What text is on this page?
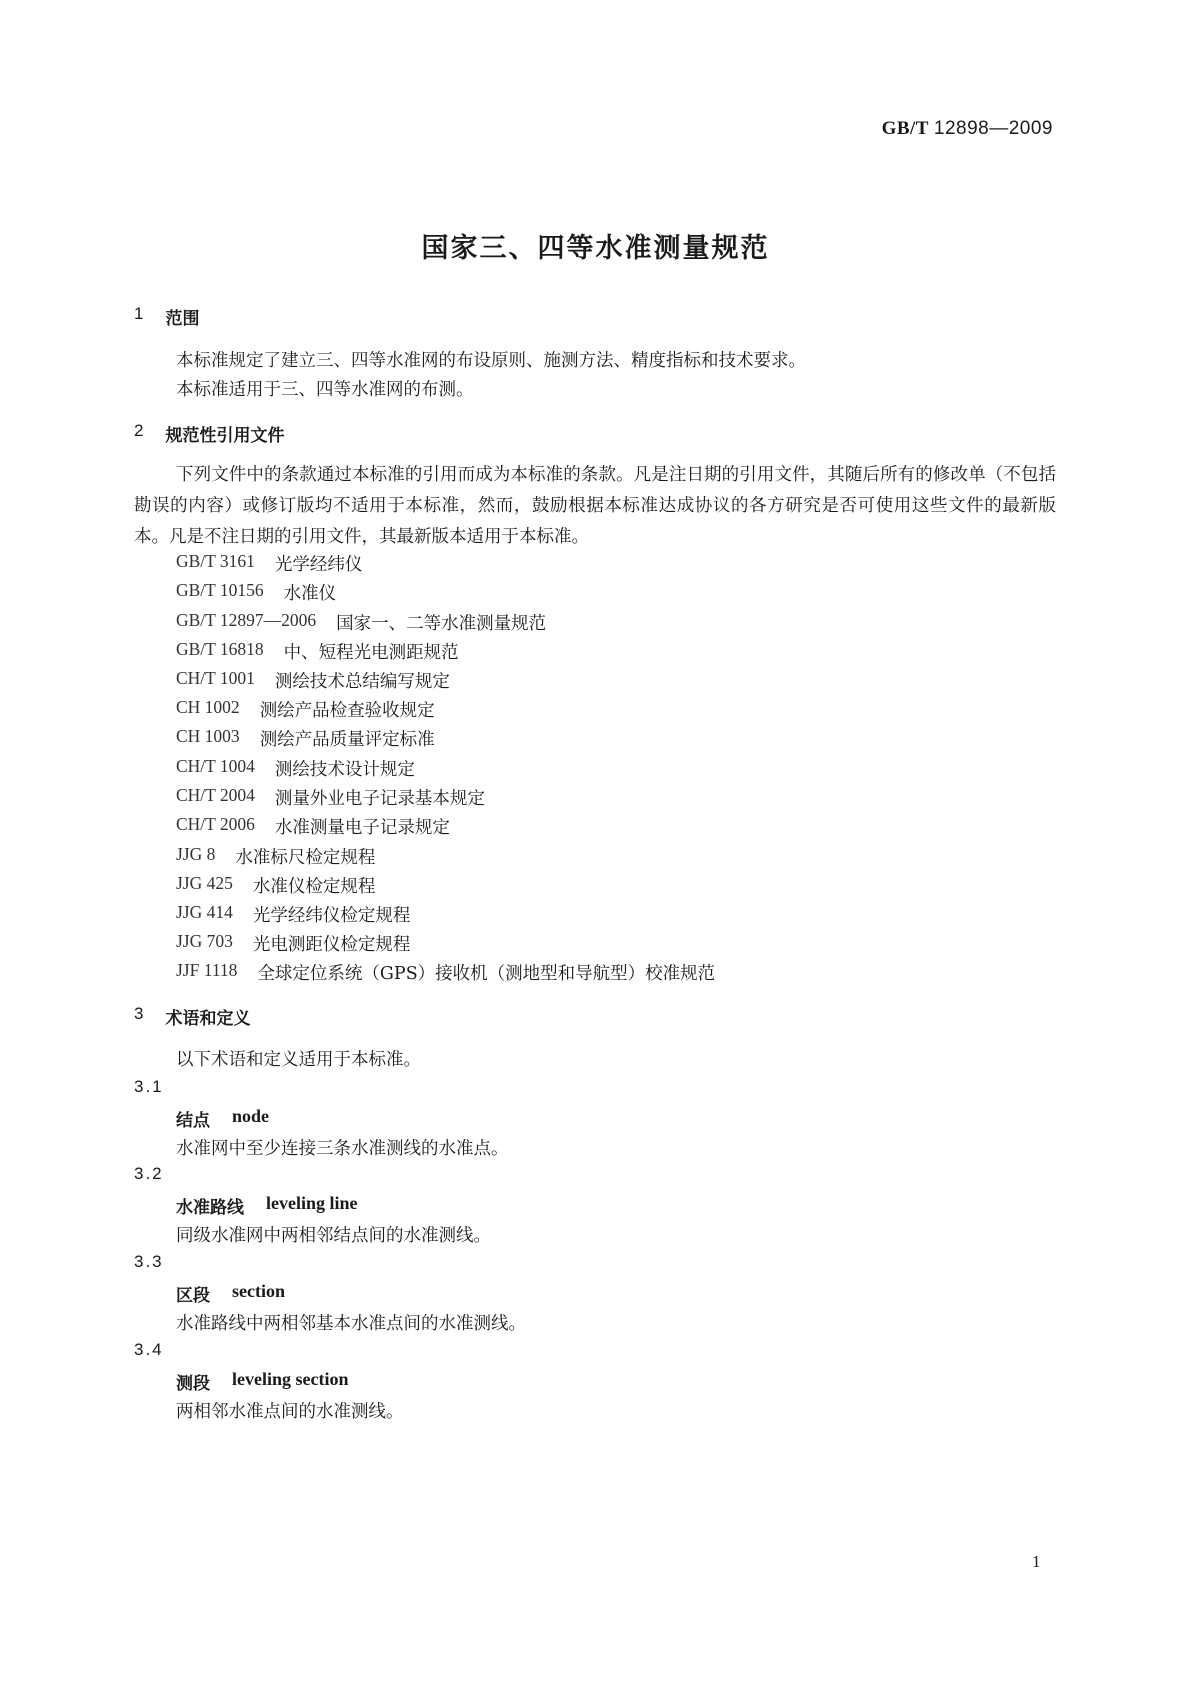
GB/T 12898—2009
国家三、四等水准测量规范
1 范围
本标准规定了建立三、四等水准网的布设原则、施测方法、精度指标和技术要求。
本标准适用于三、四等水准网的布测。
2 规范性引用文件
下列文件中的条款通过本标准的引用而成为本标准的条款。凡是注日期的引用文件，其随后所有的修改单（不包括勘误的内容）或修订版均不适用于本标准，然而，鼓励根据本标准达成协议的各方研究是否可使用这些文件的最新版本。凡是不注日期的引用文件，其最新版本适用于本标准。
GB/T 3161 光学经纬仪
GB/T 10156 水准仪
GB/T 12897—2006 国家一、二等水准测量规范
GB/T 16818 中、短程光电测距规范
CH/T 1001 测绘技术总结编写规定
CH 1002 测绘产品检查验收规定
CH 1003 测绘产品质量评定标准
CH/T 1004 测绘技术设计规定
CH/T 2004 测量外业电子记录基本规定
CH/T 2006 水准测量电子记录规定
JJG 8 水准标尺检定规程
JJG 425 水准仪检定规程
JJG 414 光学经纬仪检定规程
JJG 703 光电测距仪检定规程
JJF 1118 全球定位系统（GPS）接收机（测地型和导航型）校准规范
3 术语和定义
以下术语和定义适用于本标准。
3.1
结点 node
水准网中至少连接三条水准测线的水准点。
3.2
水准路线 leveling line
同级水准网中两相邻结点间的水准测线。
3.3
区段 section
水准路线中两相邻基本水准点间的水准测线。
3.4
测段 leveling section
两相邻水准点间的水准测线。
1
